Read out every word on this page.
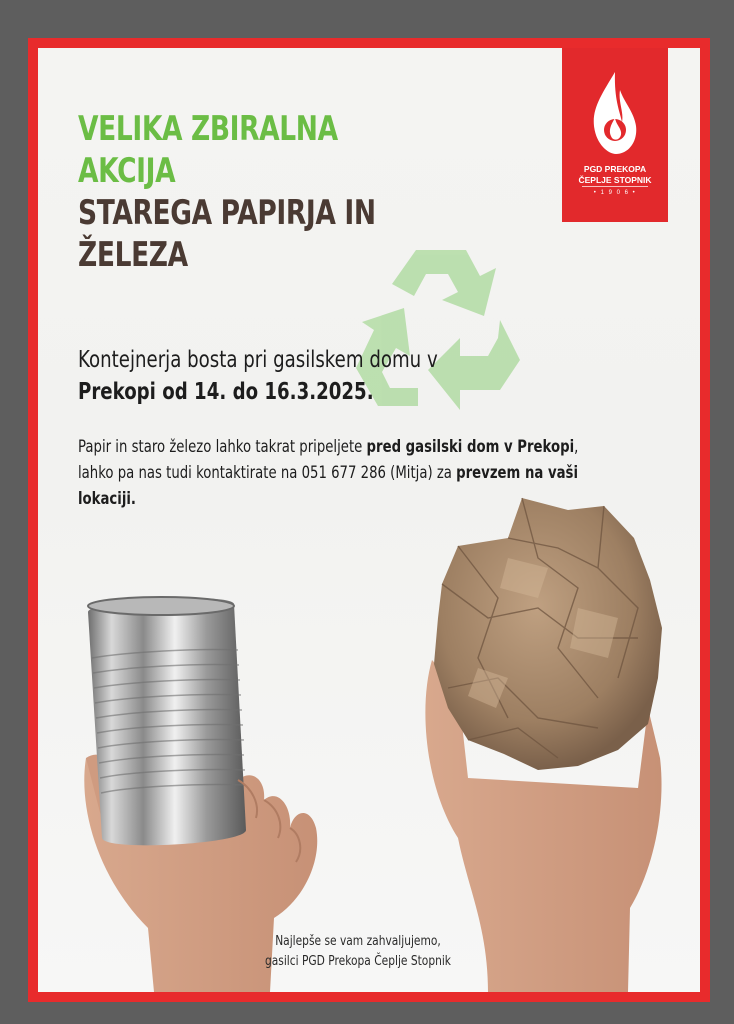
PGD PREKOPA
ČEPLJE STOPNIK
• 1 9 0 6 •
VELIKA ZBIRALNA
AKCIJA
STAREGA PAPIRJA IN
ŽELEZA
Kontejnerja bosta pri gasilskem domu v
Prekopi od 14. do 16.3.2025.
Papir in staro železo lahko takrat pripeljete pred gasilski dom v Prekopi, lahko pa nas tudi kontaktirate na 051 677 286 (Mitja) za prevzem na vaši lokaciji.
Najlepše se vam zahvaljujemo,
gasilci PGD Prekopa Čeplje Stopnik
